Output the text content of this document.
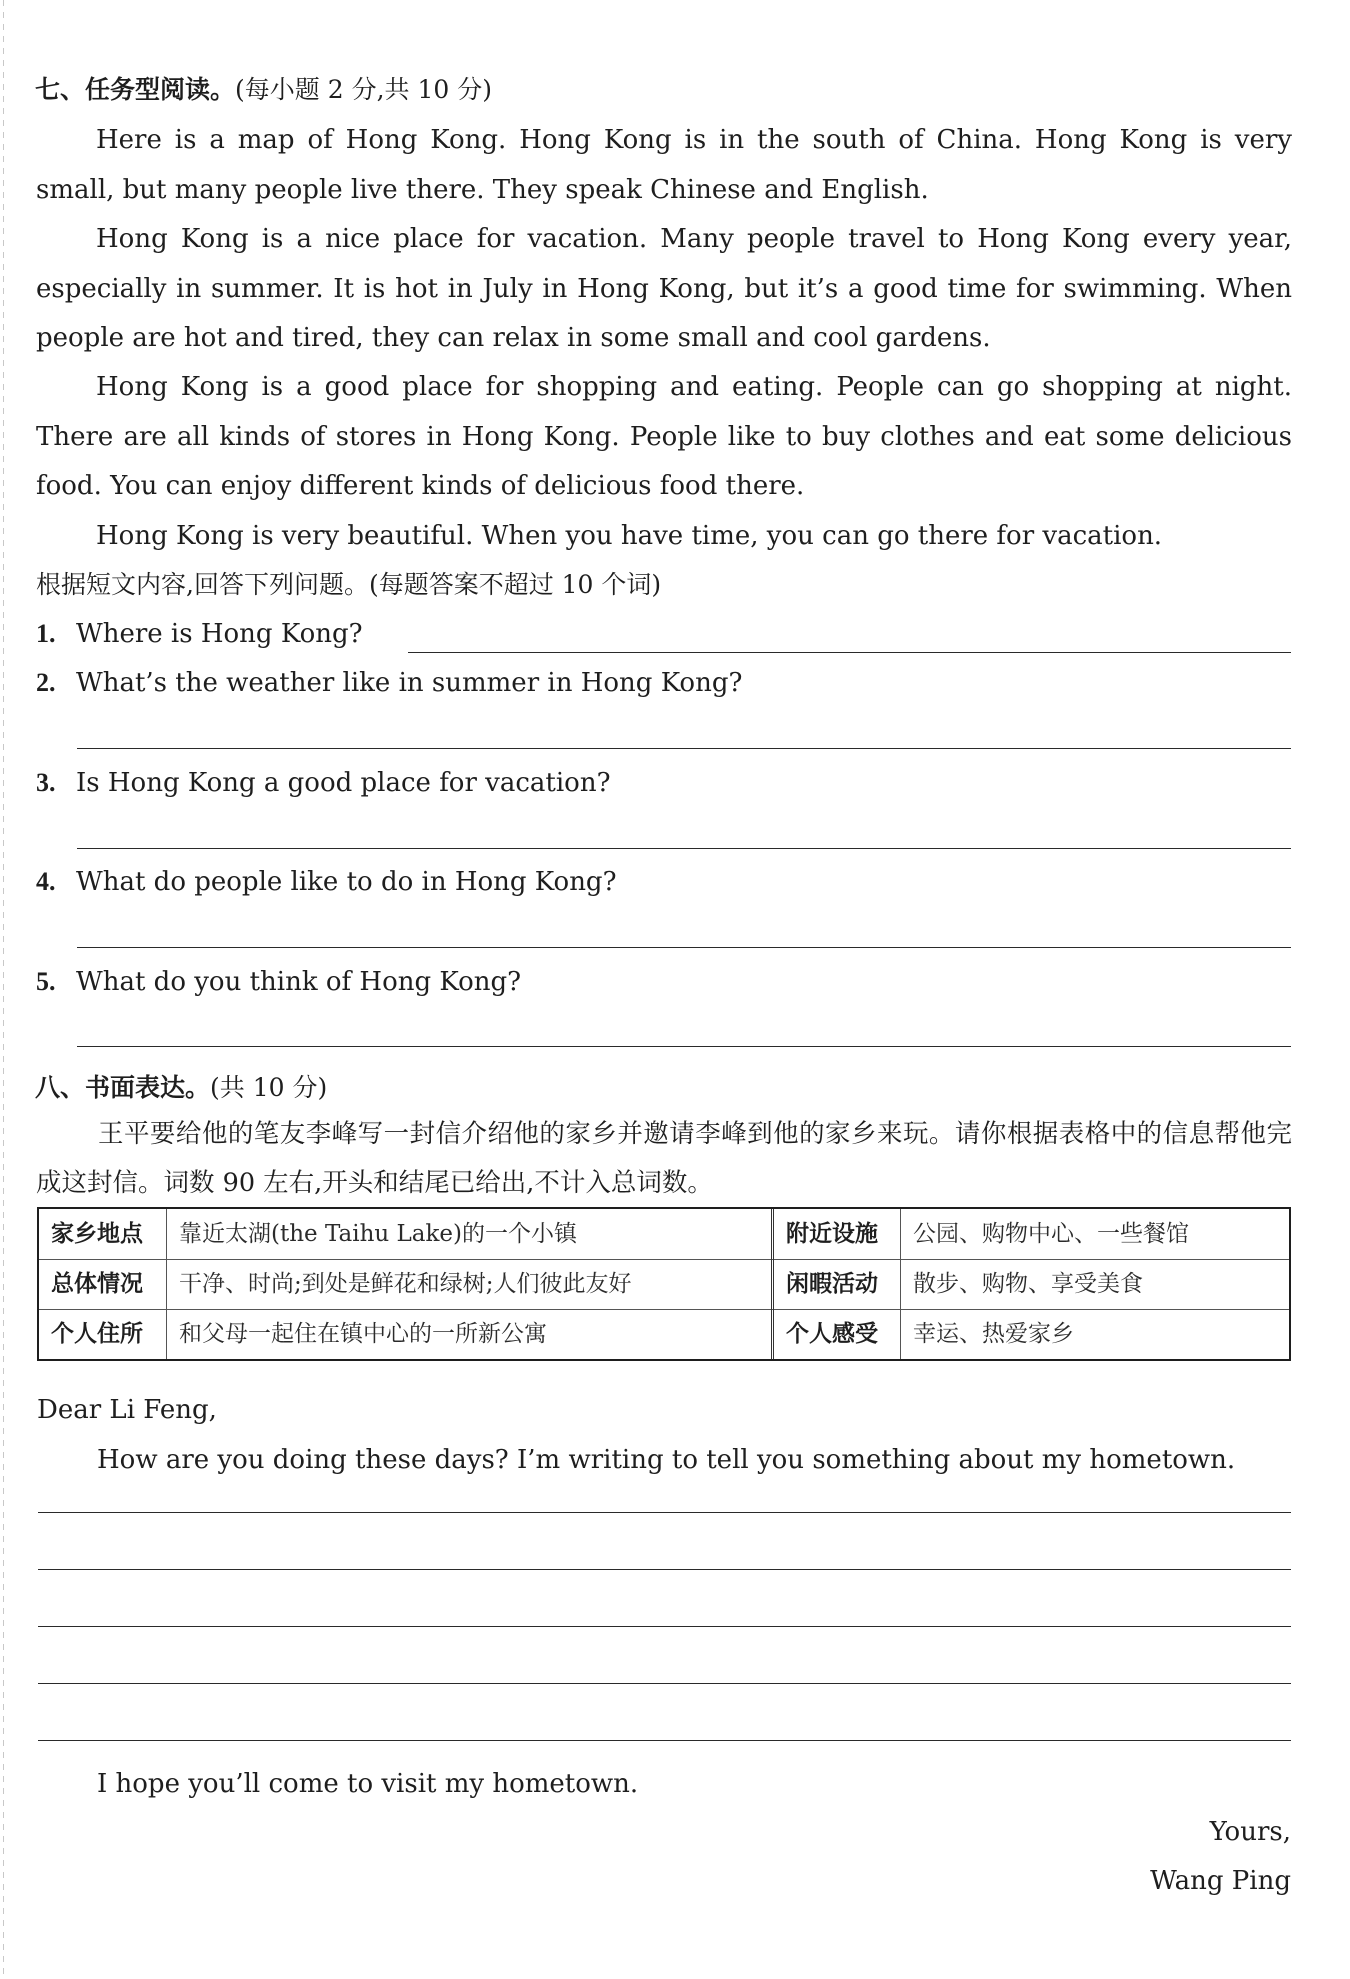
七、任务型阅读。(每小题 2 分,共 10 分)

Here is a map of Hong Kong. Hong Kong is in the south of China. Hong Kong is very small, but many people live there. They speak Chinese and English.

Hong Kong is a nice place for vacation. Many people travel to Hong Kong every year, especially in summer. It is hot in July in Hong Kong, but it’s a good time for swimming. When people are hot and tired, they can relax in some small and cool gardens.

Hong Kong is a good place for shopping and eating. People can go shopping at night. There are all kinds of stores in Hong Kong. People like to buy clothes and eat some delicious food. You can enjoy different kinds of delicious food there.

Hong Kong is very beautiful. When you have time, you can go there for vacation.

根据短文内容,回答下列问题。(每题答案不超过 10 个词)
1. Where is Hong Kong?
2. What’s the weather like in summer in Hong Kong?
3. Is Hong Kong a good place for vacation?
4. What do people like to do in Hong Kong?
5. What do you think of Hong Kong?
八、书面表达。(共 10 分)

王平要给他的笔友李峰写一封信介绍他的家乡并邀请李峰到他的家乡来玩。请你根据表格中的信息帮他完成这封信。词数 90 左右,开头和结尾已给出,不计入总词数。

家乡地点	靠近太湖(the Taihu Lake)的一个小镇	附近设施	公园、购物中心、一些餐馆
总体情况	干净、时尚;到处是鲜花和绿树;人们彼此友好	闲暇活动	散步、购物、享受美食
个人住所	和父母一起住在镇中心的一所新公寓	个人感受	幸运、热爱家乡
Dear Li Feng,
How are you doing these days? I’m writing to tell you something about my hometown.
I hope you’ll come to visit my hometown.
Yours,
Wang Ping
